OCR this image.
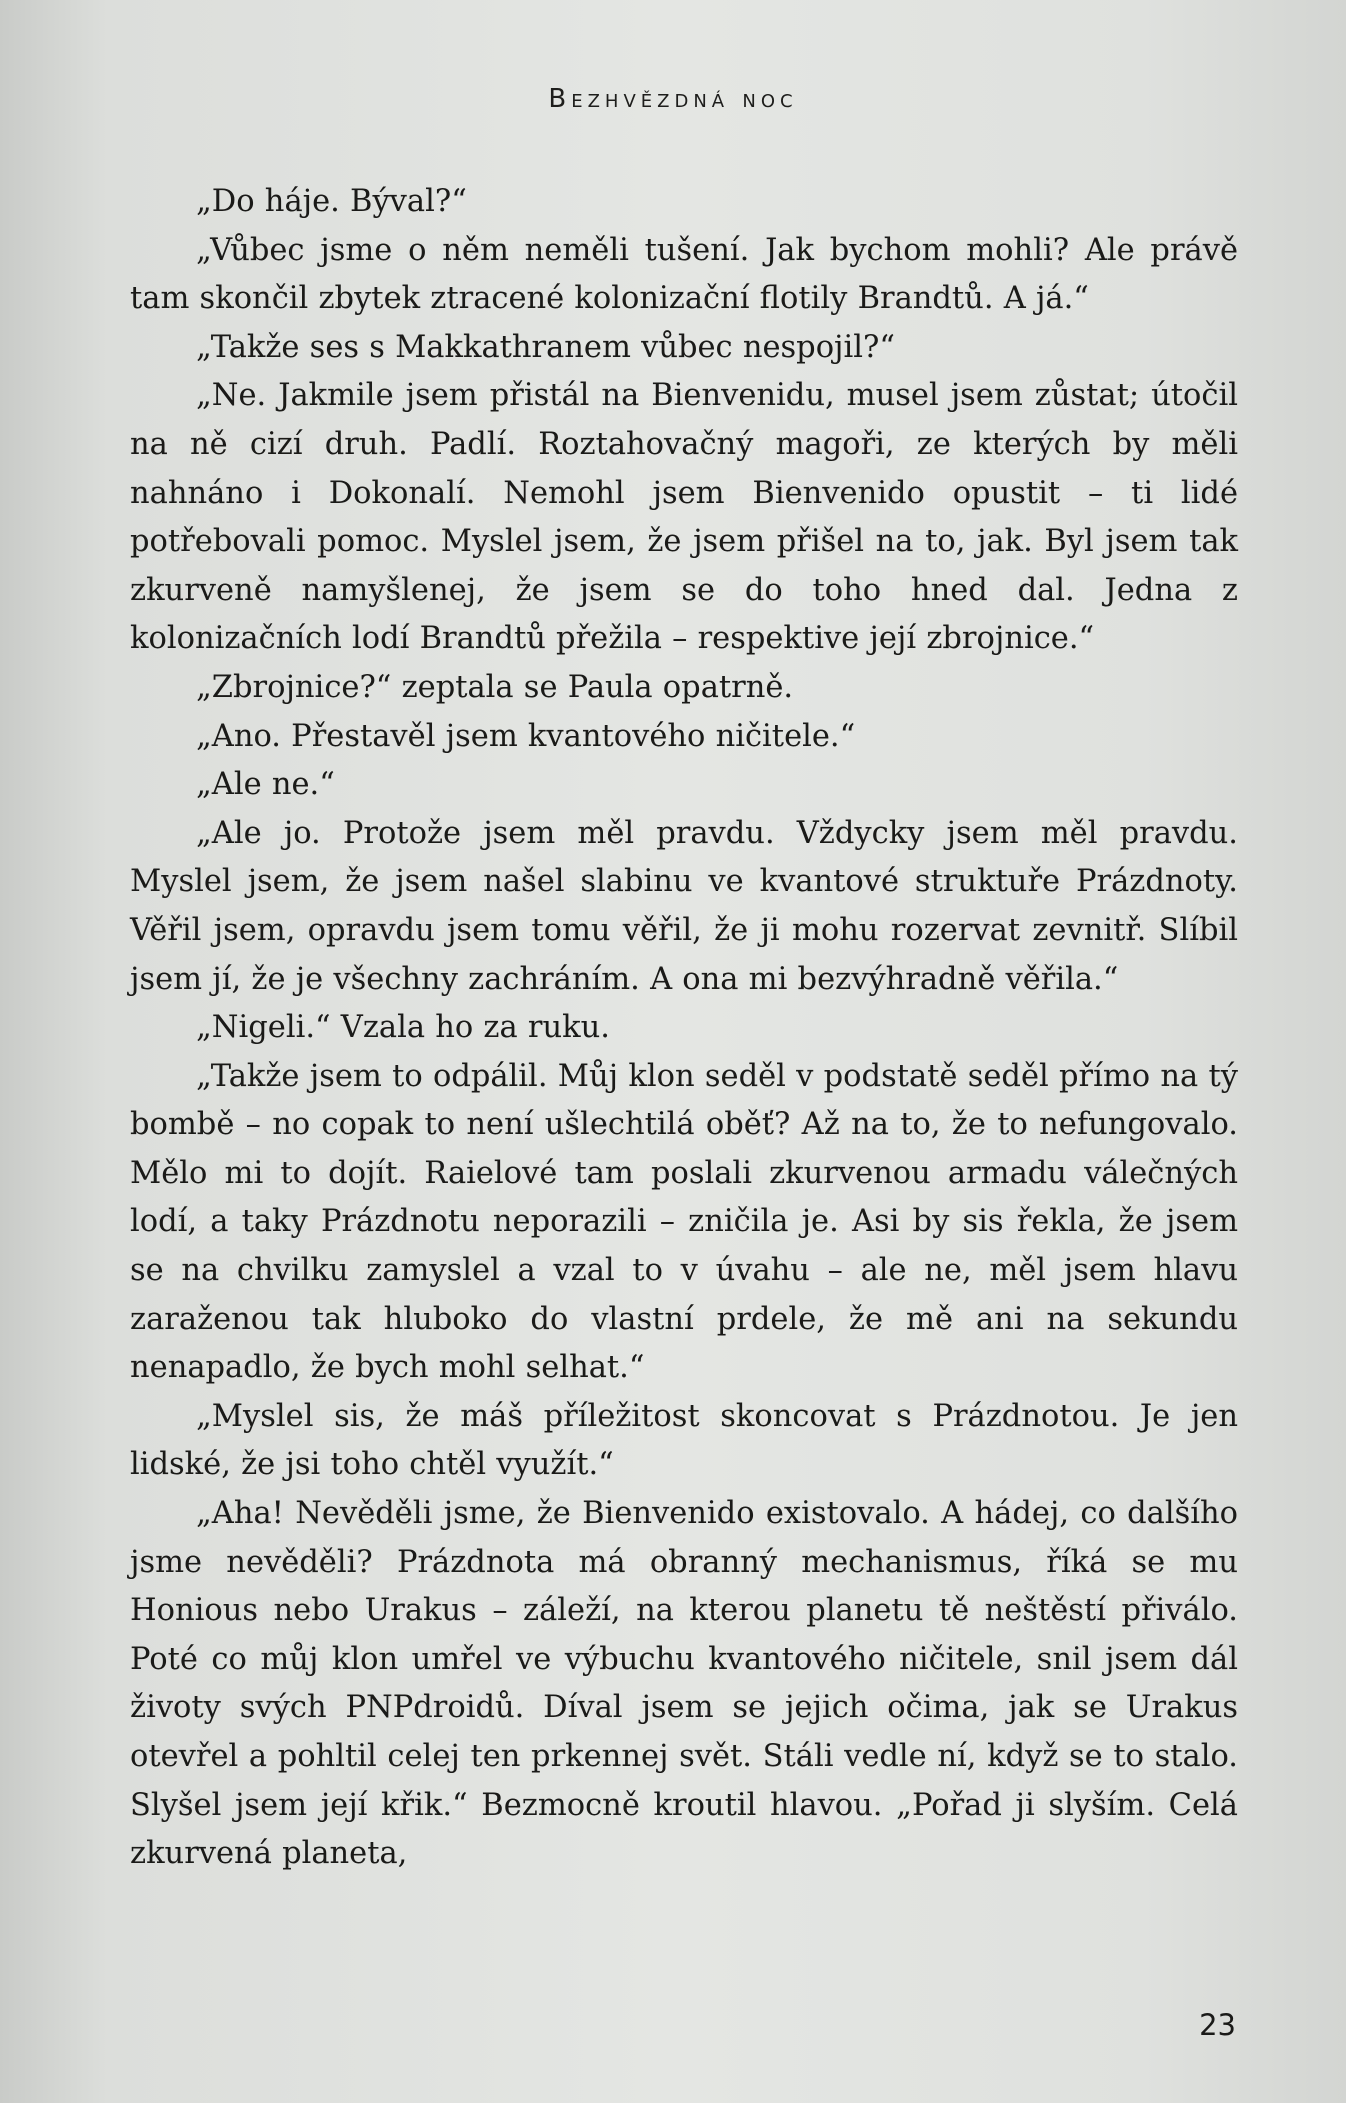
Bezhvězdná noc

„Do háje. Býval?“

„Vůbec jsme o něm neměli tušení. Jak bychom mohli? Ale právě tam skončil zbytek ztracené kolonizační flotily Brandtů. A já.“

„Takže ses s Makkathranem vůbec nespojil?“

„Ne. Jakmile jsem přistál na Bienvenidu, musel jsem zůstat; útočil na ně cizí druh. Padlí. Roztahovačný magoři, ze kterých by měli nahnáno i Dokonalí. Nemohl jsem Bienvenido opustit – ti lidé potřebovali pomoc. Myslel jsem, že jsem přišel na to, jak. Byl jsem tak zkurveně namyšlenej, že jsem se do toho hned dal. Jedna z kolonizačních lodí Brandtů přežila – respektive její zbrojnice.“

„Zbrojnice?“ zeptala se Paula opatrně.

„Ano. Přestavěl jsem kvantového ničitele.“

„Ale ne.“

„Ale jo. Protože jsem měl pravdu. Vždycky jsem měl pravdu. Myslel jsem, že jsem našel slabinu ve kvantové struktuře Prázdnoty. Věřil jsem, opravdu jsem tomu věřil, že ji mohu rozervat zevnitř. Slíbil jsem jí, že je všechny zachráním. A ona mi bezvýhradně věřila.“

„Nigeli.“ Vzala ho za ruku.

„Takže jsem to odpálil. Můj klon seděl v podstatě seděl přímo na tý bombě – no copak to není ušlechtilá oběť? Až na to, že to nefungovalo. Mělo mi to dojít. Raielové tam poslali zkurvenou armadu válečných lodí, a taky Prázdnotu neporazili – zničila je. Asi by sis řekla, že jsem se na chvilku zamyslel a vzal to v úvahu – ale ne, měl jsem hlavu zaraženou tak hluboko do vlastní prdele, že mě ani na sekundu nenapadlo, že bych mohl selhat.“

„Myslel sis, že máš příležitost skoncovat s Prázdnotou. Je jen lidské, že jsi toho chtěl využít.“

„Aha! Nevěděli jsme, že Bienvenido existovalo. A hádej, co dalšího jsme nevěděli? Prázdnota má obranný mechanismus, říká se mu Honious nebo Urakus – záleží, na kterou planetu tě neštěstí přiválo. Poté co můj klon umřel ve výbuchu kvantového ničitele, snil jsem dál životy svých PNPdroidů. Díval jsem se jejich očima, jak se Urakus otevřel a pohltil celej ten prkennej svět. Stáli vedle ní, když se to stalo. Slyšel jsem její křik.“ Bezmocně kroutil hlavou. „Pořad ji slyším. Celá zkurvená planeta,

23
